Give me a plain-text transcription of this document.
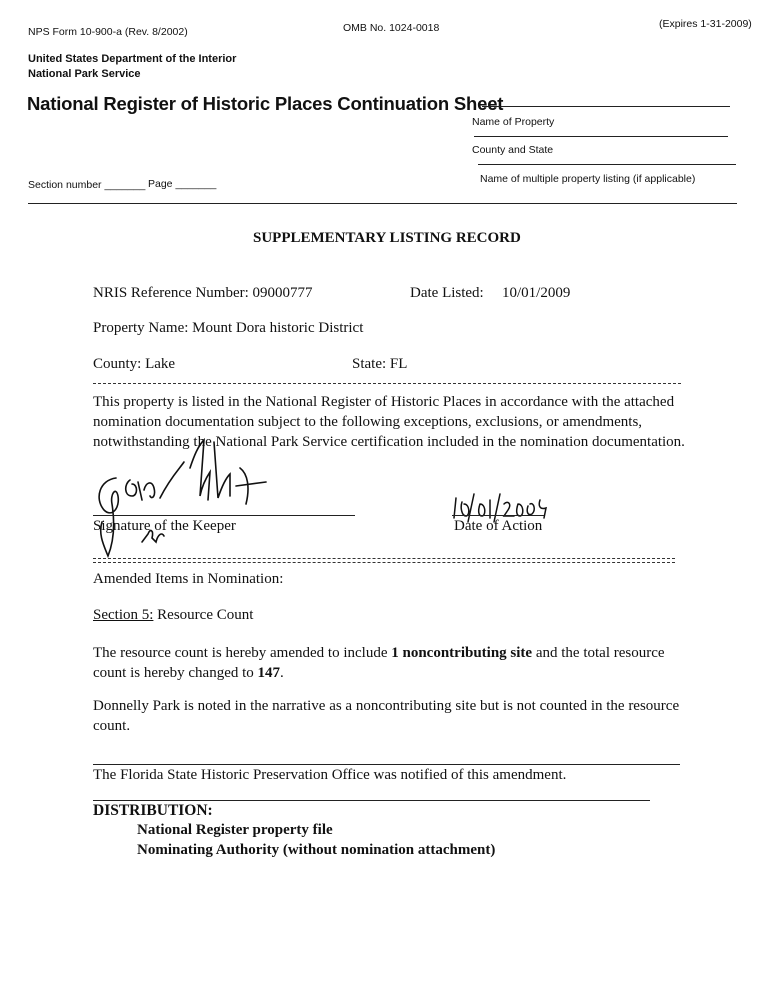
NPS Form 10-900-a (Rev. 8/2002)	OMB No. 1024-0018	(Expires 1-31-2009)
United States Department of the Interior
National Park Service
National Register of Historic Places Continuation Sheet
Name of Property
County and State
Name of multiple property listing (if applicable)
Section number _______ Page _______
SUPPLEMENTARY LISTING RECORD
NRIS Reference Number: 09000777	Date Listed: 10/01/2009
Property Name: Mount Dora historic District
County: Lake	State: FL
This property is listed in the National Register of Historic Places in accordance with the attached nomination documentation subject to the following exceptions, exclusions, or amendments, notwithstanding the National Park Service certification included in the nomination documentation.
Signature of the Keeper	Date of Action
Amended Items in Nomination:
Section 5: Resource Count
The resource count is hereby amended to include 1 noncontributing site and the total resource count is hereby changed to 147.
Donnelly Park is noted in the narrative as a noncontributing site but is not counted in the resource count.
The Florida State Historic Preservation Office was notified of this amendment.
DISTRIBUTION:
National Register property file
Nominating Authority (without nomination attachment)
